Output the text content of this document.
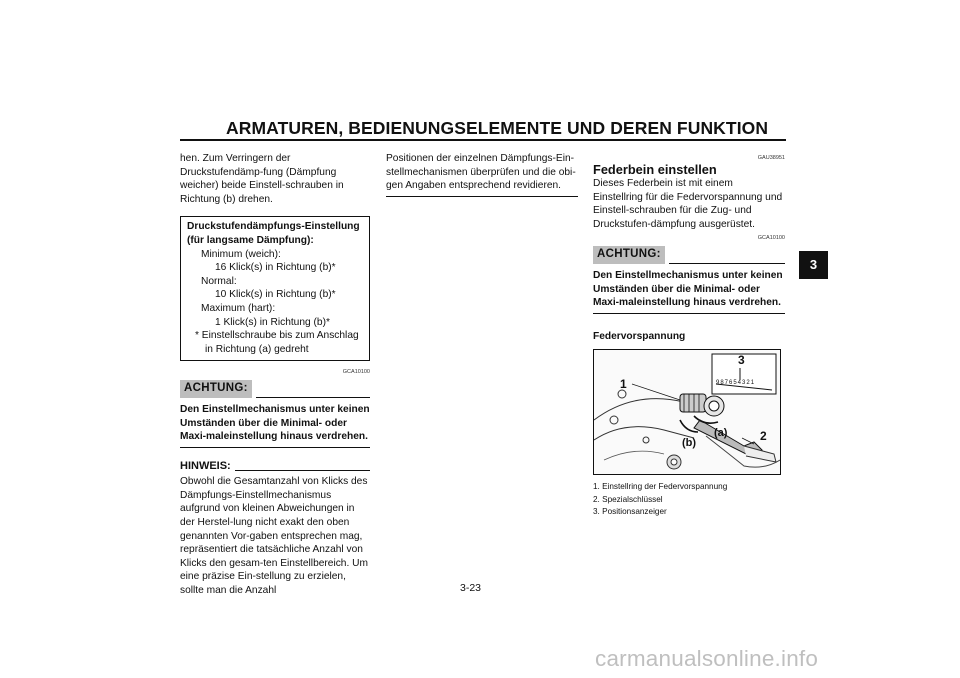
ARMATUREN, BEDIENUNGSELEMENTE UND DEREN FUNKTION
3
hen. Zum Verringern der Druckstufendämp-fung (Dämpfung weicher) beide Einstell-schrauben in Richtung (b) drehen.
Druckstufendämpfungs-Einstellung
(für langsame Dämpfung):
Minimum (weich):
16 Klick(s) in Richtung (b)*
Normal:
10 Klick(s) in Richtung (b)*
Maximum (hart):
1 Klick(s) in Richtung (b)*
* Einstellschraube bis zum Anschlag in Richtung (a) gedreht
GCA10100
ACHTUNG:
Den Einstellmechanismus unter keinen Umständen über die Minimal- oder Maxi-maleinstellung hinaus verdrehen.
HINWEIS:
Obwohl die Gesamtanzahl von Klicks des Dämpfungs-Einstellmechanismus aufgrund von kleinen Abweichungen in der Herstel-lung nicht exakt den oben genannten Vor-gaben entsprechen mag, repräsentiert die tatsächliche Anzahl von Klicks den gesam-ten Einstellbereich. Um eine präzise Ein-stellung zu erzielen, sollte man die Anzahl
Positionen der einzelnen Dämpfungs-Ein-stellmechanismen überprüfen und die obi-gen Angaben entsprechend revidieren.
GAU38951
Federbein einstellen
Dieses Federbein ist mit einem Einstellring für die Federvorspannung und Einstell-schrauben für die Zug- und Druckstufen-dämpfung ausgerüstet.
GCA10100
ACHTUNG:
Den Einstellmechanismus unter keinen Umständen über die Minimal- oder Maxi-maleinstellung hinaus verdrehen.
Federvorspannung
987654321
3
1
2
(a)
(b)
1. Einstellring der Federvorspannung
2. Spezialschlüssel
3. Positionsanzeiger
3-23
carmanualsonline.info
